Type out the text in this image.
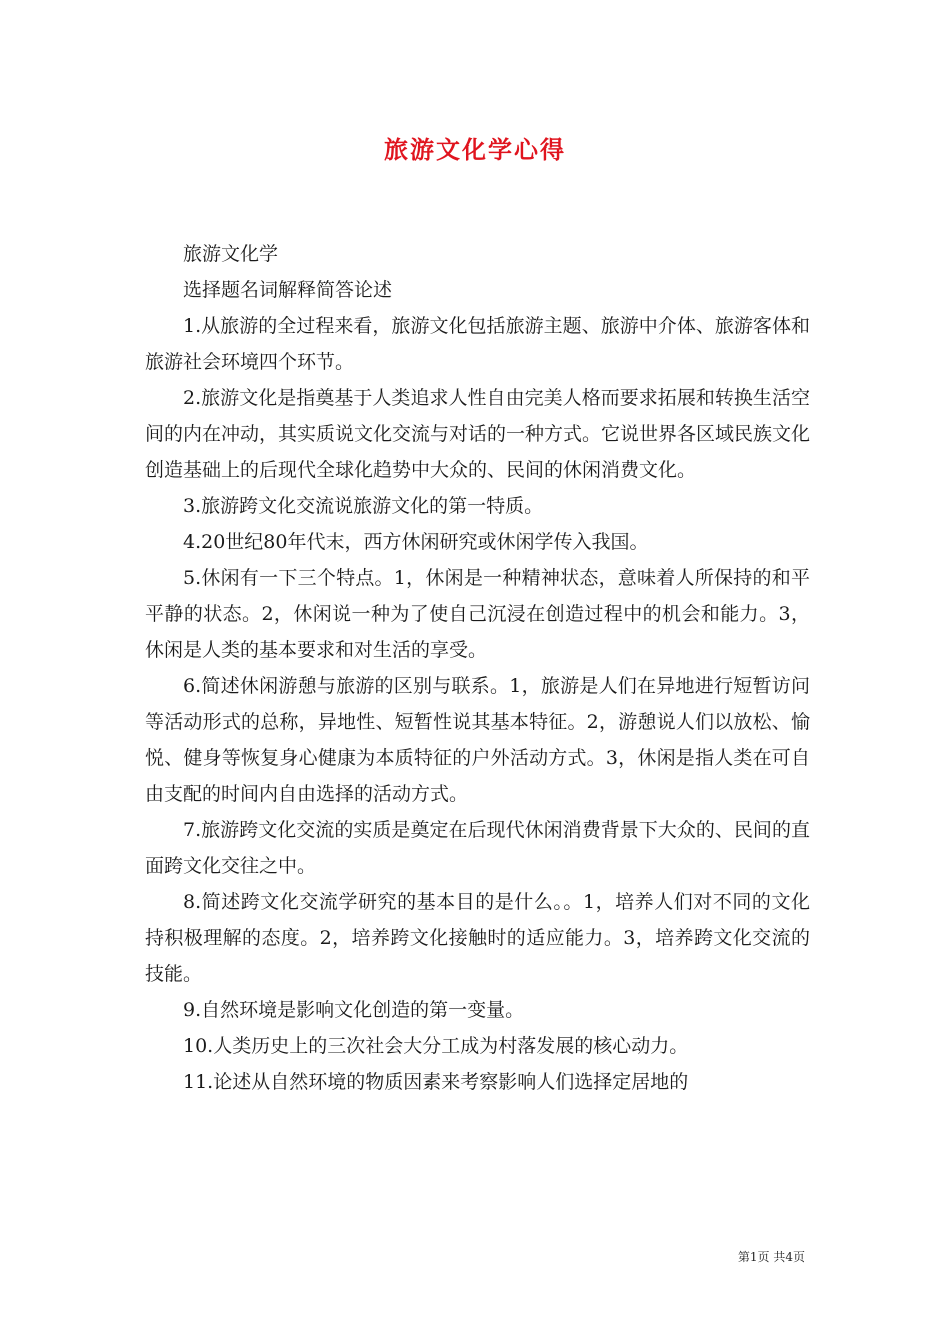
旅游文化学心得

旅游文化学

选择题名词解释简答论述

1.从旅游的全过程来看，旅游文化包括旅游主题、旅游中介体、旅游客体和旅游社会环境四个环节。

2.旅游文化是指奠基于人类追求人性自由完美人格而要求拓展和转换生活空间的内在冲动，其实质说文化交流与对话的一种方式。它说世界各区域民族文化创造基础上的后现代全球化趋势中大众的、民间的休闲消费文化。

3.旅游跨文化交流说旅游文化的第一特质。

4.20世纪80年代末，西方休闲研究或休闲学传入我国。

5.休闲有一下三个特点。1，休闲是一种精神状态，意味着人所保持的和平平静的状态。2，休闲说一种为了使自己沉浸在创造过程中的机会和能力。3，休闲是人类的基本要求和对生活的享受。

6.简述休闲游憩与旅游的区别与联系。1，旅游是人们在异地进行短暂访问等活动形式的总称，异地性、短暂性说其基本特征。2，游憩说人们以放松、愉悦、健身等恢复身心健康为本质特征的户外活动方式。3，休闲是指人类在可自由支配的时间内自由选择的活动方式。

7.旅游跨文化交流的实质是奠定在后现代休闲消费背景下大众的、民间的直面跨文化交往之中。

8.简述跨文化交流学研究的基本目的是什么。。1，培养人们对不同的文化持积极理解的态度。2，培养跨文化接触时的适应能力。3，培养跨文化交流的技能。

9.自然环境是影响文化创造的第一变量。

10.人类历史上的三次社会大分工成为村落发展的核心动力。

11.论述从自然环境的物质因素来考察影响人们选择定居地的

第1页 共4页
